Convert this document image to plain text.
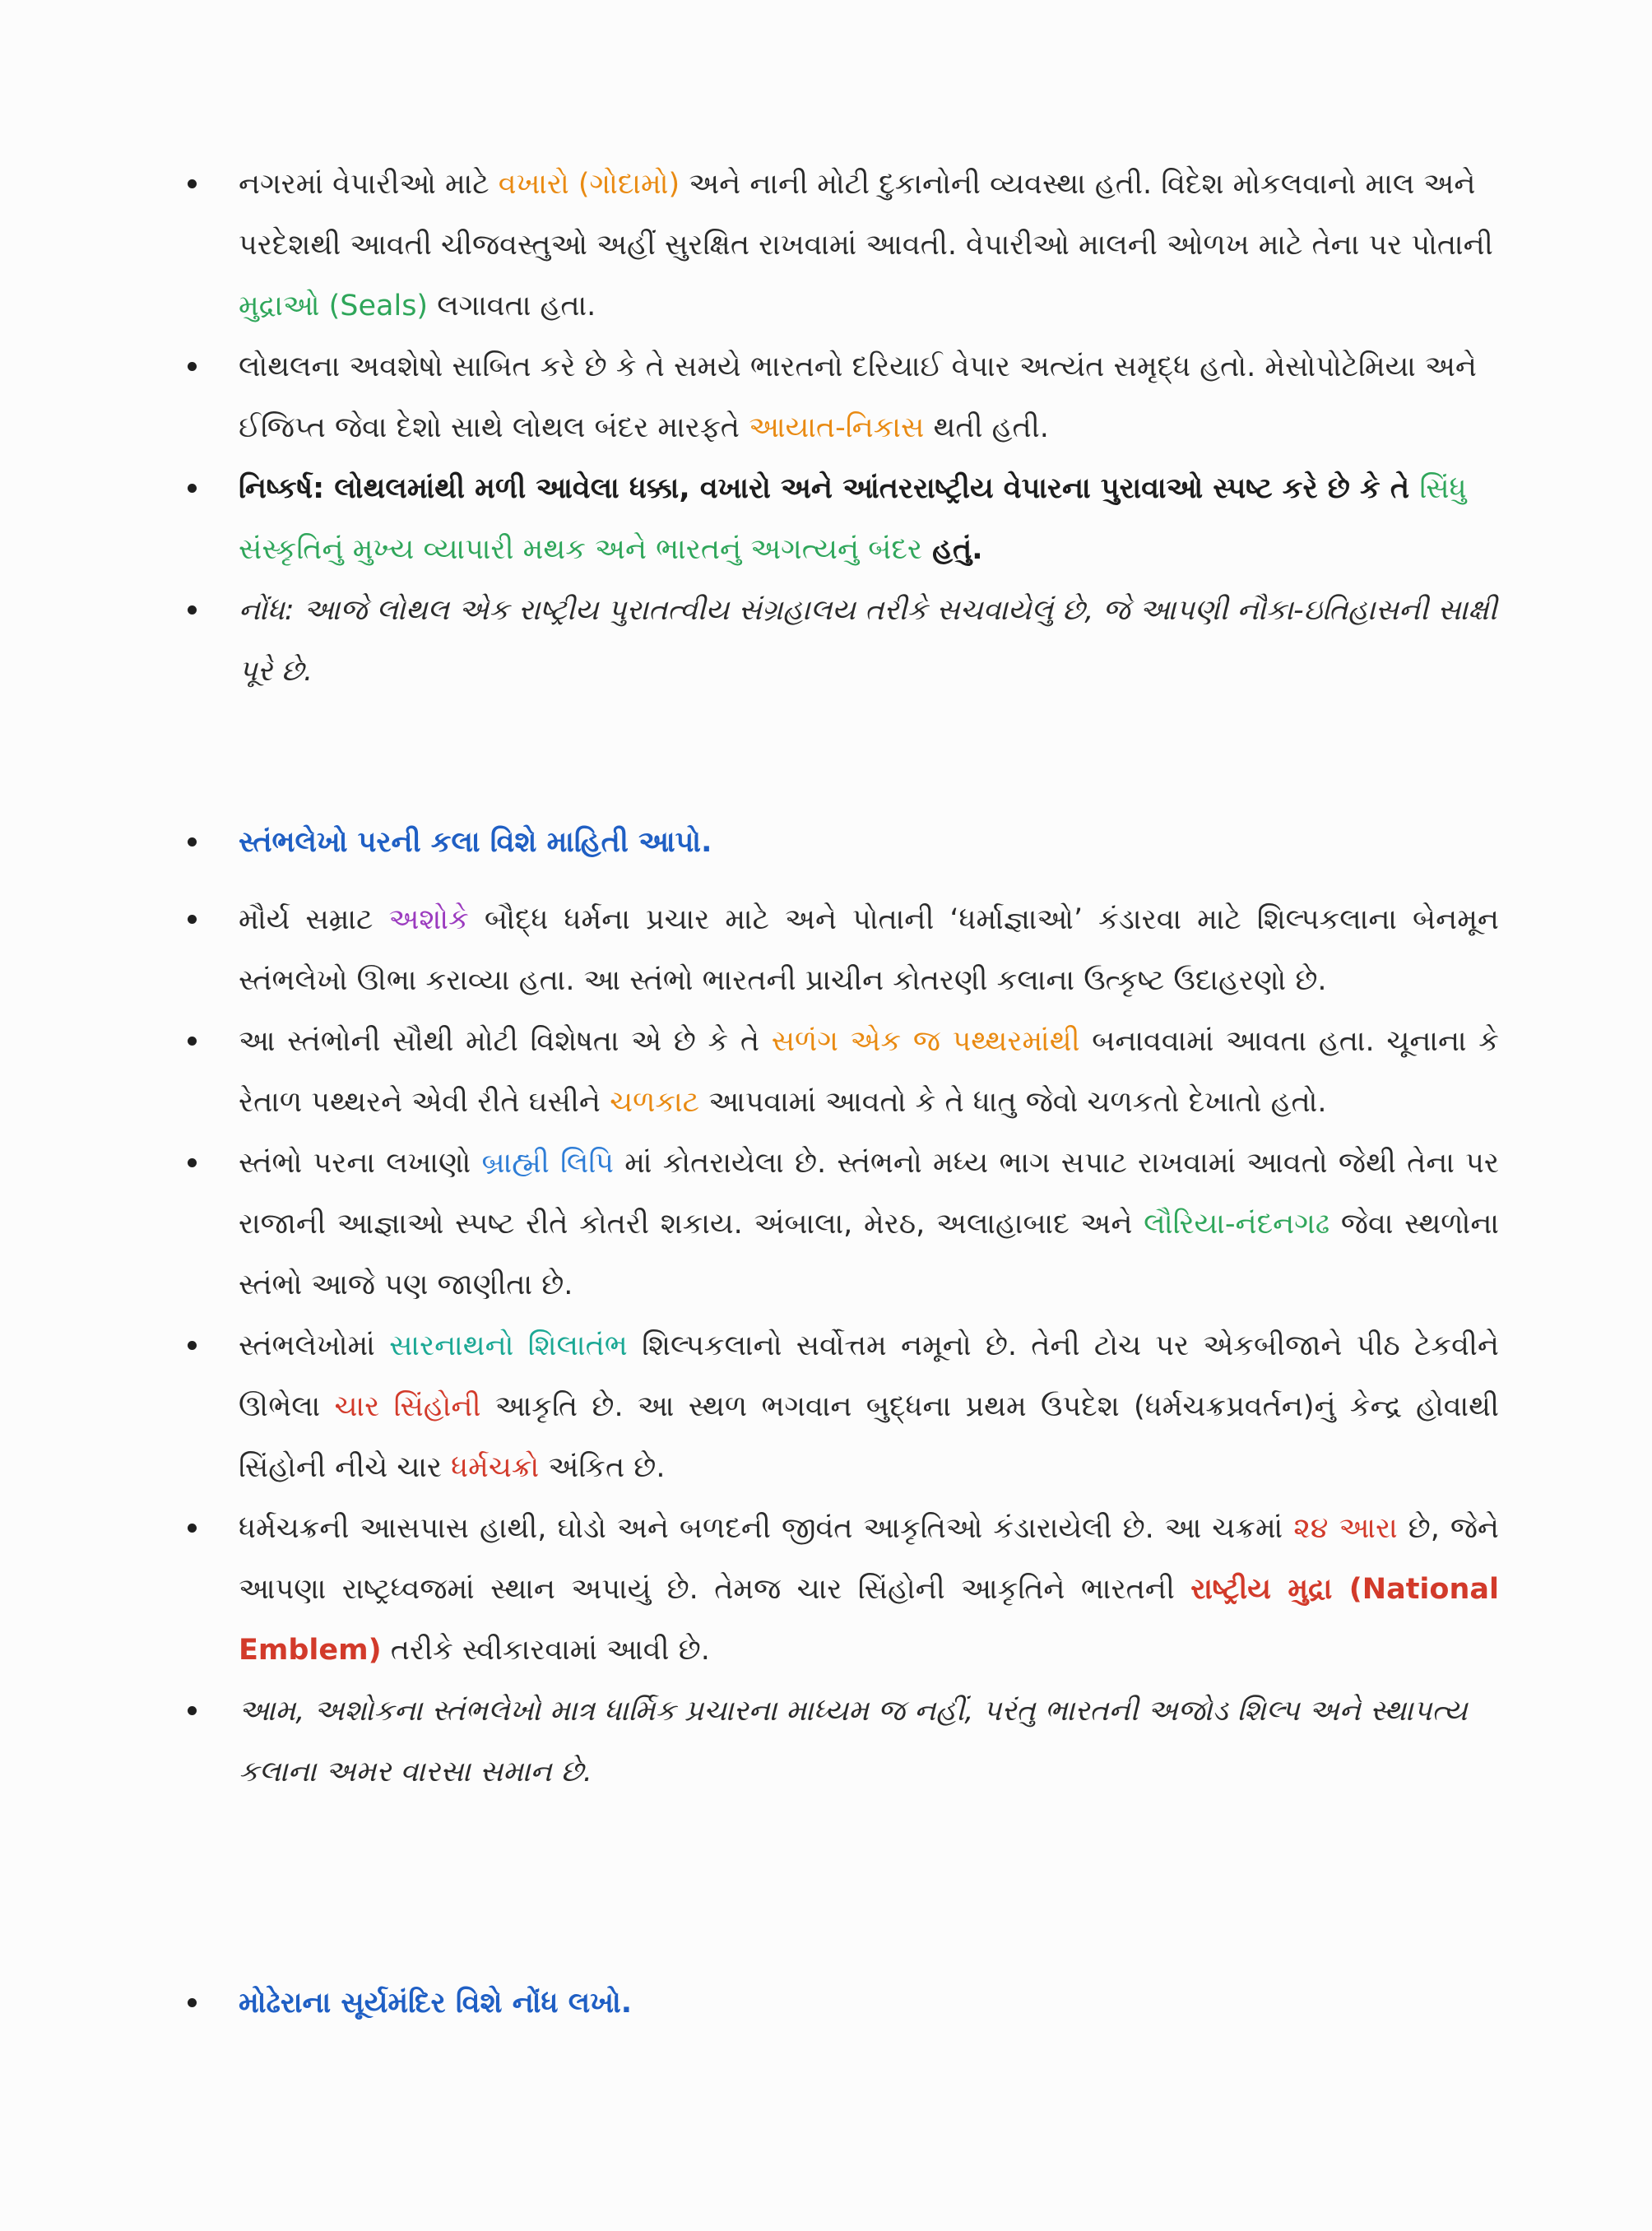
નગરમાં વેપારીઓ માટે વખારો (ગોદામો) અને નાની મોટી દુકાનોની વ્યવસ્થા હતી. વિદેશ મોકલવાનો માલ અને પરદેશથી આવતી ચીજવસ્તુઓ અહીં સુરક્ષિત રાખવામાં આવતી. વેપારીઓ માલની ઓળખ માટે તેના પર પોતાની મુદ્રાઓ (Seals) લગાવતા હતા.
લોથલના અવશેષો સાબિત કરે છે કે તે સમયે ભારતનો દરિયાઈ વેપાર અત્યંત સમૃદ્ધ હતો. મેસોપોટેમિયા અને ઈજિપ્ત જેવા દેશો સાથે લોથલ બંદર મારફતે આયાત-નિકાસ થતી હતી.
નિષ્કર્ષ: લોથલમાંથી મળી આવેલા ધક્કા, વખારો અને આંતરરાષ્ટ્રીય વેપારના પુરાવાઓ સ્પષ્ટ કરે છે કે તે સિંધુ સંસ્કૃતિનું મુખ્ય વ્યાપારી મથક અને ભારતનું અગત્યનું બંદર હતું.
નોંધ: આજે લોથલ એક રાષ્ટ્રીય પુરાતત્વીય સંગ્રહાલય તરીકે સચવાયેલું છે, જે આપણી નૌકા-ઇતિહાસની સાક્ષી પૂરે છે.
સ્તંભલેખો પરની કલા વિશે માહિતી આપો.
મૌર્ય સમ્રાટ અશોકે બૌદ્ધ ધર્મના પ્રચાર માટે અને પોતાની ‘ધર્માજ્ઞાઓ’ કંડારવા માટે શિલ્પકલાના બેનમૂન સ્તંભલેખો ઊભા કરાવ્યા હતા. આ સ્તંભો ભારતની પ્રાચીન કોતરણી કલાના ઉત્કૃષ્ટ ઉદાહરણો છે.
આ સ્તંભોની સૌથી મોટી વિશેષતા એ છે કે તે સળંગ એક જ પથ્થરમાંથી બનાવવામાં આવતા હતા. ચૂનાના કે રેતાળ પથ્થરને એવી રીતે ઘસીને ચળકાટ આપવામાં આવતો કે તે ધાતુ જેવો ચળકતો દેખાતો હતો.
સ્તંભો પરના લખાણો બ્રાહ્મી લિપિ માં કોતરાયેલા છે. સ્તંભનો મધ્ય ભાગ સપાટ રાખવામાં આવતો જેથી તેના પર રાજાની આજ્ઞાઓ સ્પષ્ટ રીતે કોતરી શકાય. અંબાલા, મેરઠ, અલાહાબાદ અને લૌરિયા-નંદનગઢ જેવા સ્થળોના સ્તંભો આજે પણ જાણીતા છે.
સ્તંભલેખોમાં સારનાથનો શિલાતંભ શિલ્પકલાનો સર્વોત્તમ નમૂનો છે. તેની ટોચ પર એકબીજાને પીઠ ટેકવીને ઊભેલા ચાર સિંહોની આકૃતિ છે. આ સ્થળ ભગવાન બુદ્ધના પ્રથમ ઉપદેશ (ધર્મચક્રપ્રવર્તન)નું કેન્દ્ર હોવાથી સિંહોની નીચે ચાર ધર્મચક્રો અંકિત છે.
ધર્મચક્રની આસપાસ હાથી, ઘોડો અને બળદની જીવંત આકૃતિઓ કંડારાયેલી છે. આ ચક્રમાં ૨૪ આરા છે, જેને આપણા રાષ્ટ્રધ્વજમાં સ્થાન અપાયું છે. તેમજ ચાર સિંહોની આકૃતિને ભારતની રાષ્ટ્રીય મુદ્રા (National Emblem) તરીકે સ્વીકારવામાં આવી છે.
આમ, અશોકના સ્તંભલેખો માત્ર ધાર્મિક પ્રચારના માધ્યમ જ નહીં, પરંતુ ભારતની અજોડ શિલ્પ અને સ્થાપત્ય કલાના અમર વારસા સમાન છે.
મોઢેરાના સૂર્યમંદિર વિશે નોંધ લખો.
